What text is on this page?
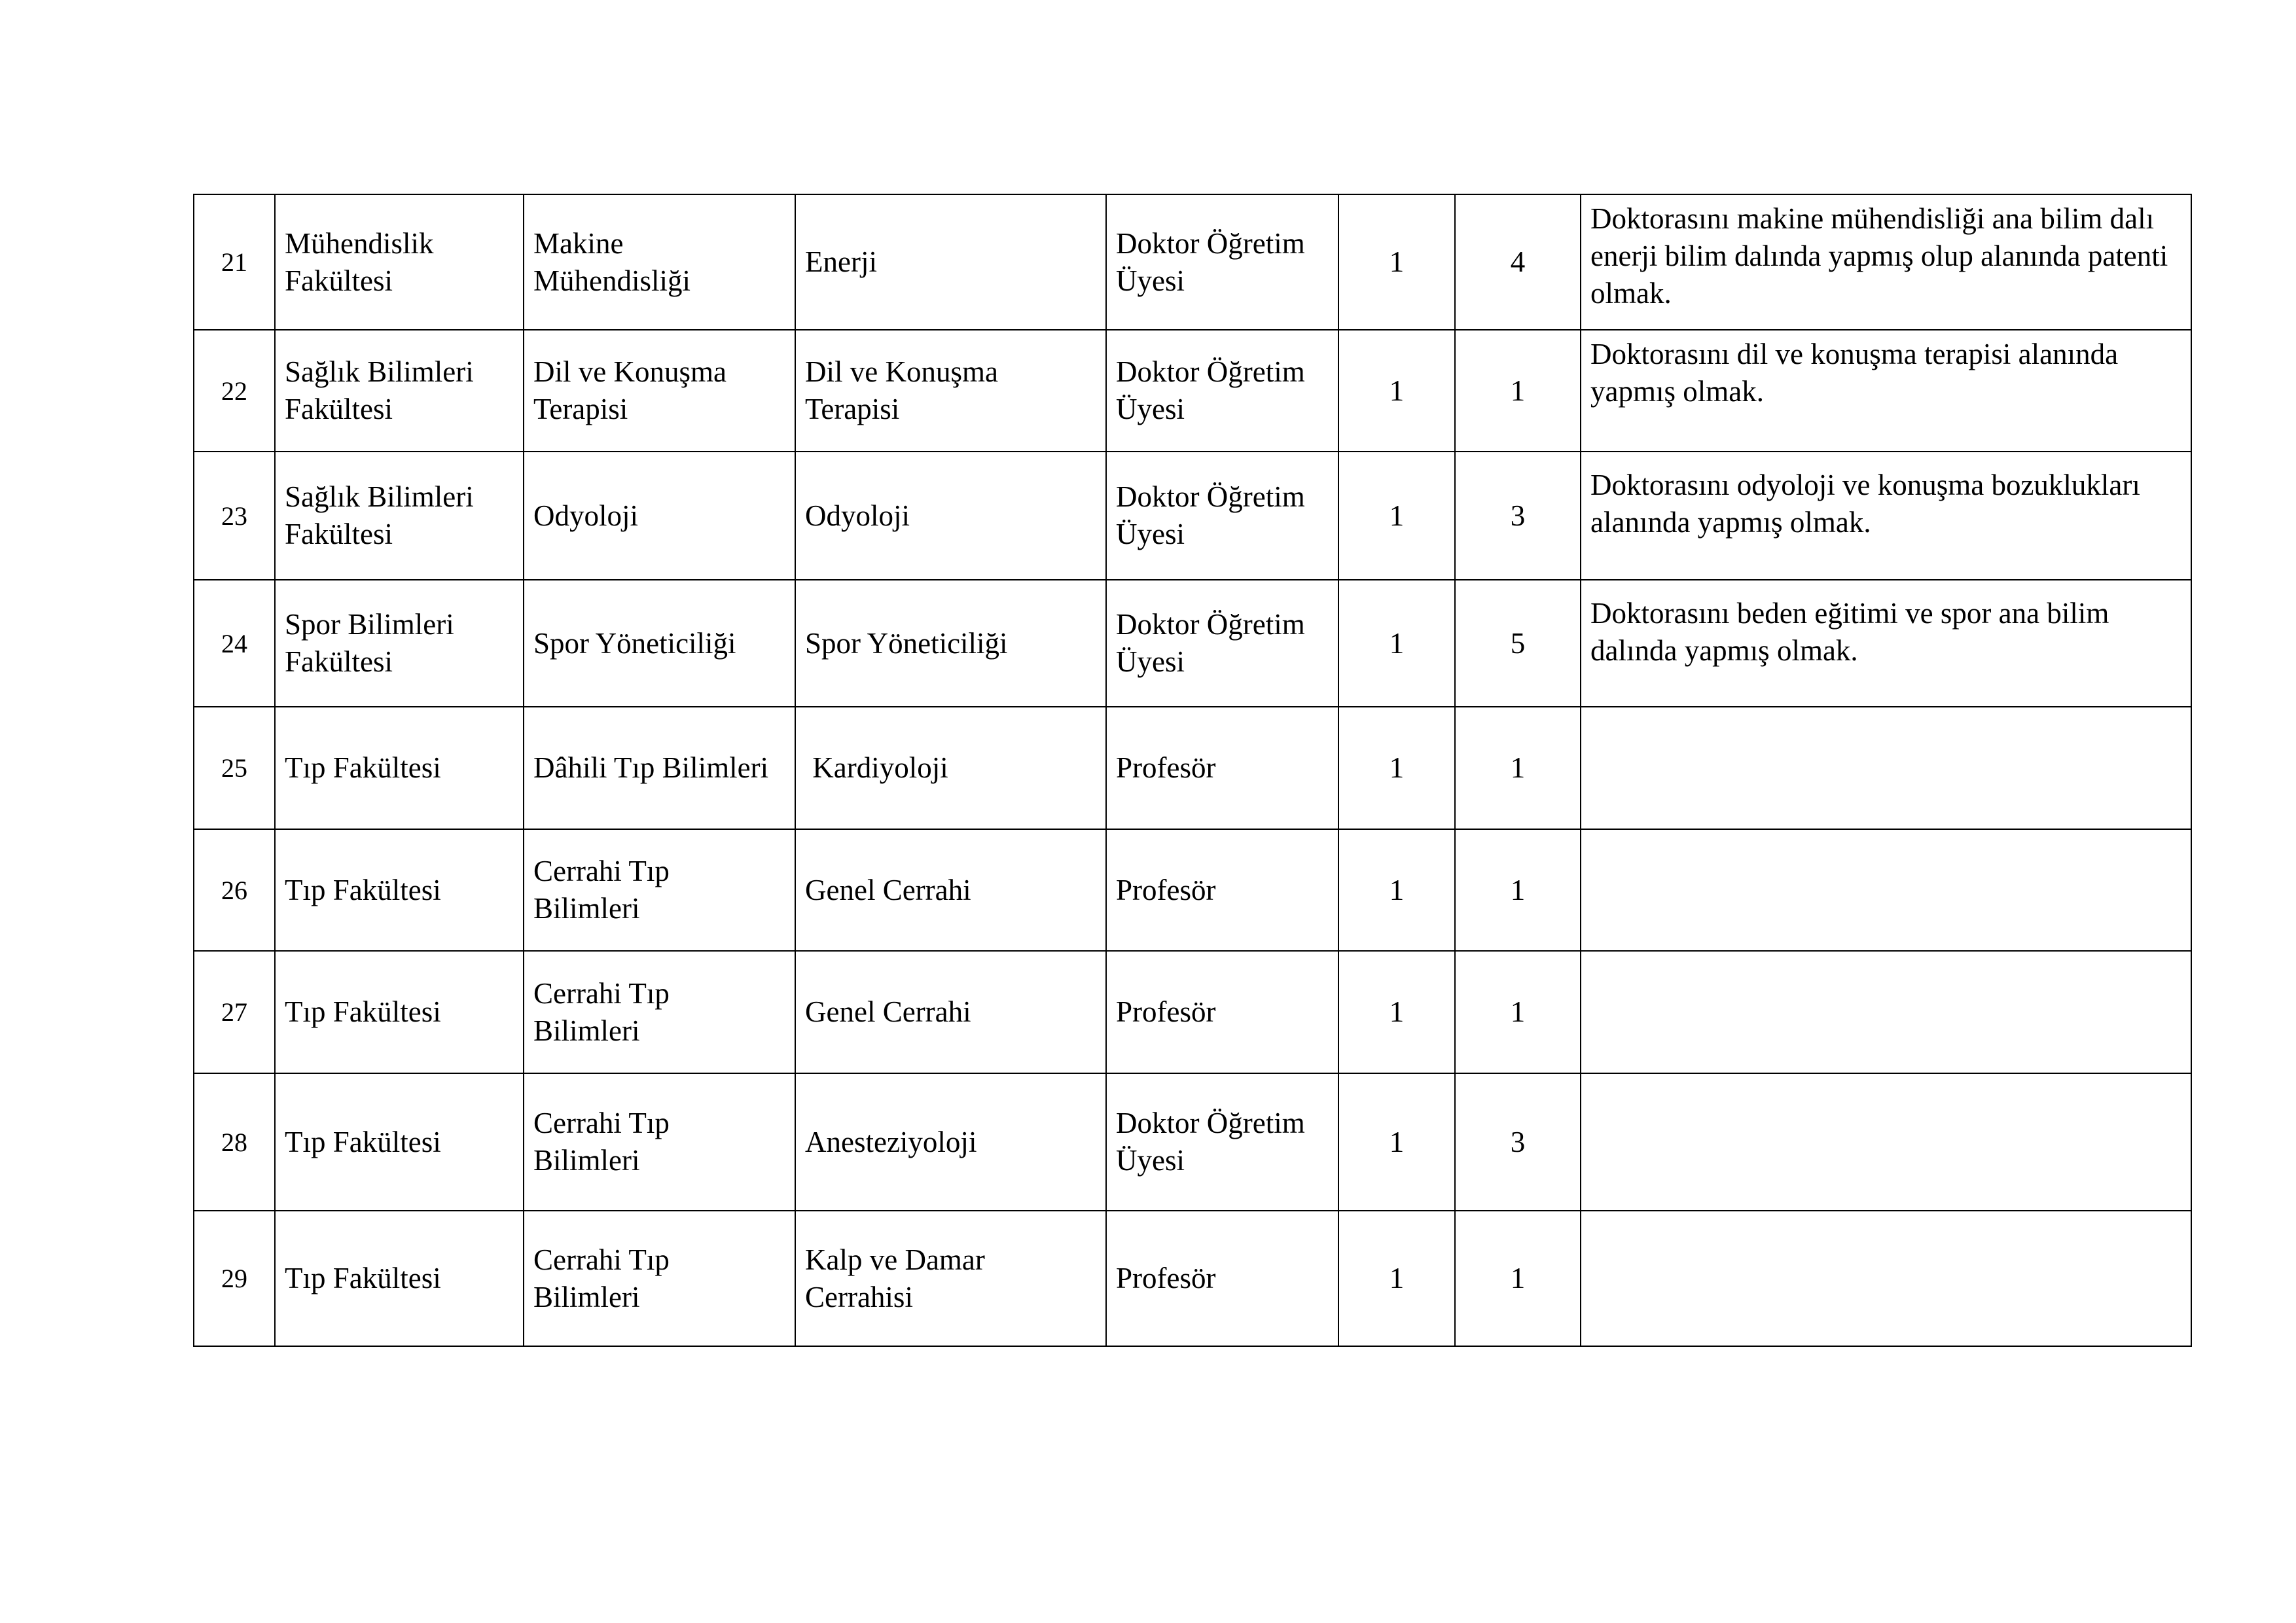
21	Mühendislik Fakültesi	Makine Mühendisliği	Enerji	Doktor Öğretim Üyesi	1	4	Doktorasını makine mühendisliği ana bilim dalı enerji bilim dalında yapmış olup alanında patenti olmak.
22	Sağlık Bilimleri Fakültesi	Dil ve Konuşma Terapisi	Dil ve Konuşma Terapisi	Doktor Öğretim Üyesi	1	1	Doktorasını dil ve konuşma terapisi alanında yapmış olmak.
23	Sağlık Bilimleri Fakültesi	Odyoloji	Odyoloji	Doktor Öğretim Üyesi	1	3	Doktorasını odyoloji ve konuşma bozuklukları alanında yapmış olmak.
24	Spor Bilimleri Fakültesi	Spor Yöneticiliği	Spor Yöneticiliği	Doktor Öğretim Üyesi	1	5	Doktorasını beden eğitimi ve spor ana bilim dalında yapmış olmak.
25	Tıp Fakültesi	Dâhili Tıp Bilimleri	Kardiyoloji	Profesör	1	1	
26	Tıp Fakültesi	Cerrahi Tıp Bilimleri	Genel Cerrahi	Profesör	1	1	
27	Tıp Fakültesi	Cerrahi Tıp Bilimleri	Genel Cerrahi	Profesör	1	1	
28	Tıp Fakültesi	Cerrahi Tıp Bilimleri	Anesteziyoloji	Doktor Öğretim Üyesi	1	3	
29	Tıp Fakültesi	Cerrahi Tıp Bilimleri	Kalp ve Damar Cerrahisi	Profesör	1	1	
